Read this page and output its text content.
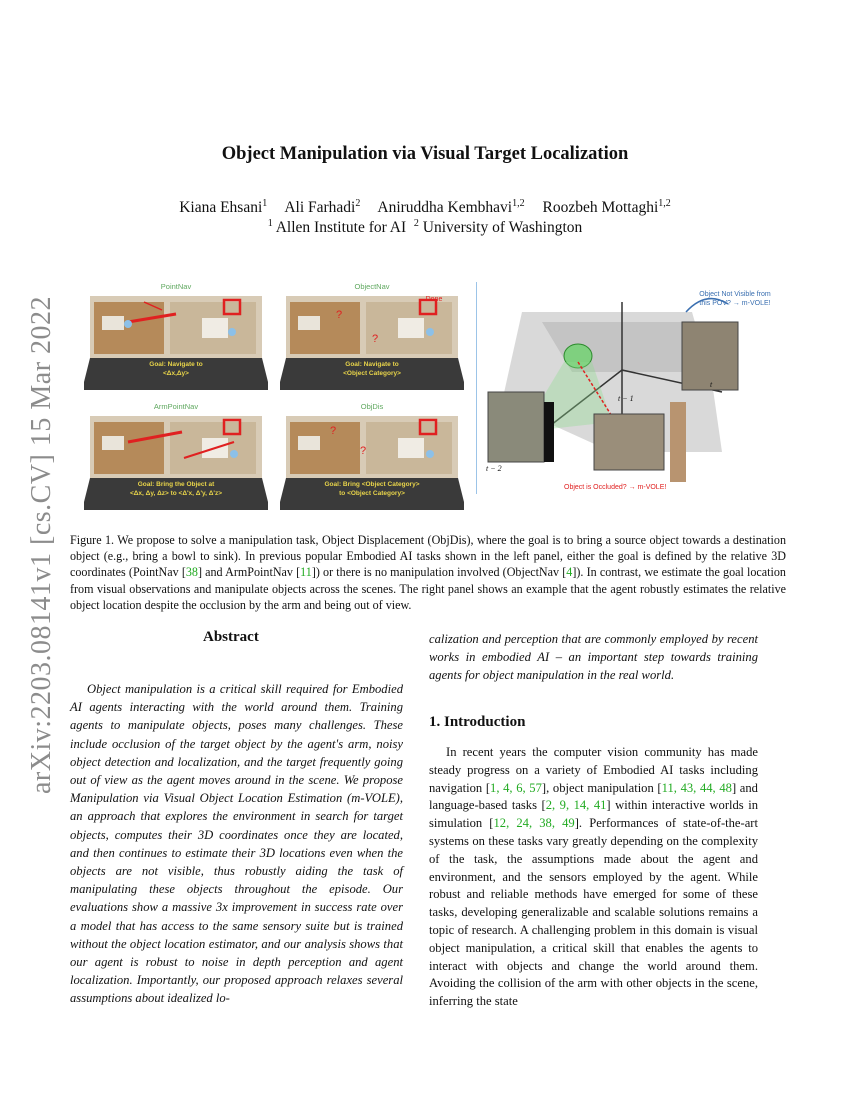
arXiv:2203.08141v1 [cs.CV] 15 Mar 2022
Object Manipulation via Visual Target Localization
Kiana Ehsani$^1$ Ali Farhadi$^2$ Aniruddha Kembhavi$^{1,2}$ Roozbeh Mottaghi$^{1,2}$
$^1$ Allen Institute for AI $^2$ University of Washington
PointNav
Goal: Navigate to
<Δx,Δy>
ObjectNav
?
?
Done
Goal: Navigate to
<Object Category>
ArmPointNav
Goal: Bring the Object at
<Δx, Δy, Δz> to <Δ'x, Δ'y, Δ'z>
ObjDis
?
?
Goal: Bring <Object Category>
to <Object Category>
Object Not Visible from
this POV? → m-VOLE!
Object is Occluded? → m-VOLE!
t − 1
t
t − 2
Figure 1. We propose to solve a manipulation task, Object Displacement (ObjDis), where the goal is to bring a source object towards a destination object (e.g., bring a bowl to sink). In previous popular Embodied AI tasks shown in the left panel, either the goal is defined by the relative 3D coordinates (PointNav [38] and ArmPointNav [11]) or there is no manipulation involved (ObjectNav [4]). In contrast, we estimate the goal location from visual observations and manipulate objects across the scenes. The right panel shows an example that the agent robustly estimates the relative object location despite the occlusion by the arm and being out of view.
Abstract
Object manipulation is a critical skill required for Embodied AI agents interacting with the world around them. Training agents to manipulate objects, poses many challenges. These include occlusion of the target object by the agent's arm, noisy object detection and localization, and the target frequently going out of view as the agent moves around in the scene. We propose Manipulation via Visual Object Location Estimation (m-VOLE), an approach that explores the environment in search for target objects, computes their 3D coordinates once they are located, and then continues to estimate their 3D locations even when the objects are not visible, thus robustly aiding the task of manipulating these objects throughout the episode. Our evaluations show a massive 3x improvement in success rate over a model that has access to the same sensory suite but is trained without the object location estimator, and our analysis shows that our agent is robust to noise in depth perception and agent localization. Importantly, our proposed approach relaxes several assumptions about idealized lo-
calization and perception that are commonly employed by recent works in embodied AI – an important step towards training agents for object manipulation in the real world.
1. Introduction
In recent years the computer vision community has made steady progress on a variety of Embodied AI tasks including navigation [1, 4, 6, 57], object manipulation [11, 43, 44, 48] and language-based tasks [2, 9, 14, 41] within interactive worlds in simulation [12, 24, 38, 49]. Performances of state-of-the-art systems on these tasks vary greatly depending on the complexity of the task, the assumptions made about the agent and environment, and the sensors employed by the agent. While robust and reliable methods have emerged for some of these tasks, developing generalizable and scalable solutions remains a topic of research. A challenging problem in this domain is visual object manipulation, a critical skill that enables the agents to interact with objects and change the world around them. Avoiding the collision of the arm with other objects in the scene, inferring the state
